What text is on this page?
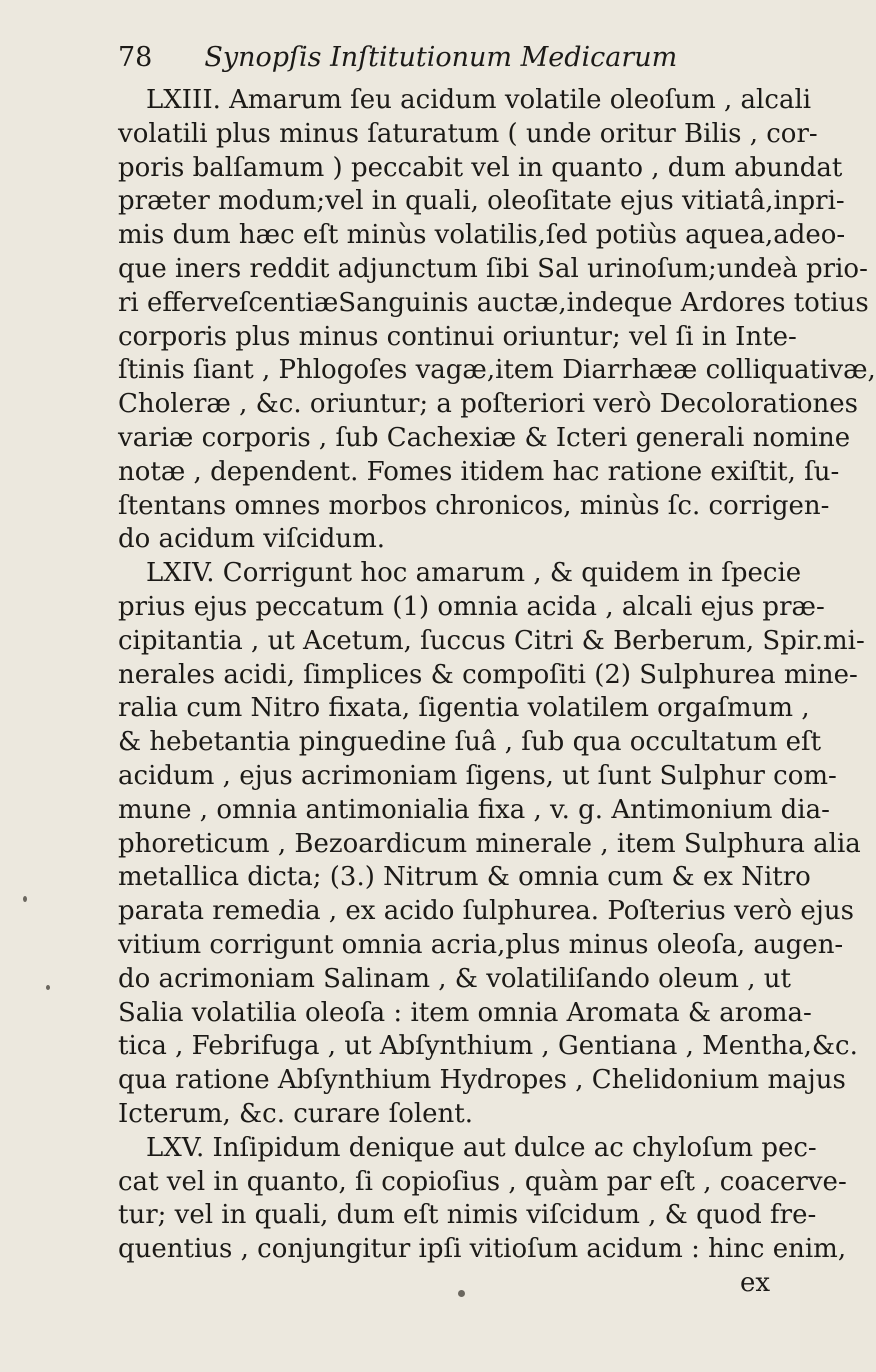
78 Synopſis Inſtitutionum Medicarum
LXIII. Amarum ſeu acidum volatile oleoſum , alcali
volatili plus minus ſaturatum ( unde oritur Bilis , cor-
poris balſamum ) peccabit vel in quanto , dum abundat
præter modum;vel in quali, oleoſitate ejus vitiatâ,inpri-
mis dum hæc eſt minùs volatilis,ſed potiùs aquea,adeo-
que iners reddit adjunctum ſibi Sal urinoſum;undeà prio-
ri efferveſcentiæSanguinis auctæ,indeque Ardores totius
corporis plus minus continui oriuntur; vel ſi in Inte-
ſtinis ſiant , Phlogoſes vagæ,item Diarrhææ colliquativæ,
Choleræ , &c. oriuntur; a poſteriori verò Decolorationes
variæ corporis , ſub Cachexiæ & Icteri generali nomine
notæ , dependent. Fomes itidem hac ratione exiſtit, ſu-
ſtentans omnes morbos chronicos, minùs ſc. corrigen-
do acidum viſcidum.
LXIV. Corrigunt hoc amarum , & quidem in ſpecie
prius ejus peccatum (1) omnia acida , alcali ejus præ-
cipitantia , ut Acetum, ſuccus Citri & Berberum, Spir.mi-
nerales acidi, ſimplices & compoſiti (2) Sulphurea mine-
ralia cum Nitro fixata, ſigentia volatilem orgaſmum ,
& hebetantia pinguedine ſuâ , ſub qua occultatum eſt
acidum , ejus acrimoniam ſigens, ut ſunt Sulphur com-
mune , omnia antimonialia fixa , v. g. Antimonium dia-
phoreticum , Bezoardicum minerale , item Sulphura alia
metallica dicta; (3.) Nitrum & omnia cum & ex Nitro
parata remedia , ex acido ſulphurea. Poſterius verò ejus
vitium corrigunt omnia acria,plus minus oleoſa, augen-
do acrimoniam Salinam , & volatiliſando oleum , ut
Salia volatilia oleoſa : item omnia Aromata & aroma-
tica , Febrifuga , ut Abſynthium , Gentiana , Mentha,&c.
qua ratione Abſynthium Hydropes , Chelidonium majus
Icterum, &c. curare ſolent.
LXV. Inſipidum denique aut dulce ac chyloſum pec-
cat vel in quanto, ſi copioſius , quàm par eſt , coacerve-
tur; vel in quali, dum eſt nimis viſcidum , & quod fre-
quentius , conjungitur ipſi vitioſum acidum : hinc enim,
ex
